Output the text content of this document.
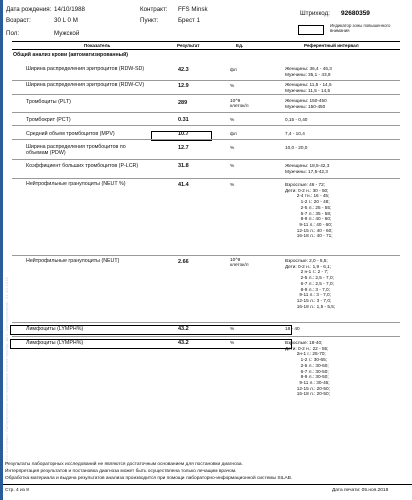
ФОССО Контракт: Лабораторное исследование взятие пробы, мг.ч. Исследование: 31.10.2018
Дата рождения: 14/10/1988
Возраст:	30 L 0 M
Пол:	Мужской
Контракт: FFS Minsk
Пункт:	Брест 1
Штрихкод: 92680359
Индикатор зоны повышенного внимания
Показатель	Результат	Ед.	Референтный интервал
Общий анализ крови (автоматизированный)
Ширина распределения эритроцитов (RDW-SD)	42.3	фл	Женщины: 36,4 - 46,3
Мужчины: 35,1 - 43,9
Ширина распределения эритроцитов (RDW-CV)	12.9	%	Женщины: 11,5 - 14,5
Мужчины: 11,5 - 14,5
Тромбоциты (PLT)	289	10^9
клеток/л
Женщины: 150-450
Мужчины: 150-450
Тромбокрит (PCT)	0.31	%	0,15 - 0,40
Средний объем тромбоцитов (MPV)	10.7	фл	7,4 - 10,4
Ширина распределения тромбоцитов по объемам (PDW)
12.7	%	10,0 - 20,0
Коэффициент больших тромбоцитов (P-LCR)	31.8	%	Женщины: 18,5-42,3
Мужчины: 17,5-42,3
Нейтрофильные гранулоциты (NEUT %)	41.4	%	Взрослые: 46 - 72;
Дети: 0-2 н.: 30 - 50;
2-4 тн.: 16 - 45;
1-2 г.: 20 - 48;
2-5 л.: 25 - 55;
5-7 л.: 35 - 58;
8-9 л.: 40 - 60;
9-11 л.: 40 - 60;
12-15 л.: 40 - 60;
16-18 л.: 40 - 71;
Нейтрофильные гранулоциты (NEUT)	2.66	10^9
клеток/л
Взрослые: 2,0 - 5,5;
Дети: 0-2 н.: 1,9 - 6,1;
2 н-1 г.: 2 - 7;
2-5 л.: 2,5 - 7,0;
6-7 л.: 2,5 - 7,0;
8-9 л.: 3 - 7,0;
9-11 л.: 3 - 7,0;
12-15 л.: 3 - 7,0;
16-18 л.: 1,5 - 5,5;
Лимфоциты (LYMPH%)	43.2	%	18 - 40
Лимфоциты (LYMPH%)	43.2	%	Взрослые: 18-40;
Дети: 0-2 н.: 22 - 55;
2н-1 г.: 25-70;
1-2 г.: 30-65;
2-5 л.: 30-60;
6-7 л.: 30-50;
8-9 л.: 30-50;
9-11 л.: 30-46;
12-15 л.: 20-50;
16-18 л.: 20-50;
Результаты лабораторных исследований не являются достаточным основанием для постановки диагноза.
Интерпретация результатов и постановка диагноза может быть осуществлена только лечащим врачом.
Обработка материала и выдача результатов анализа производится при помощи лабораторно-информационной системы SILAB.
Стр. 4 из 8	Дата печати: 05.ноя.2018
